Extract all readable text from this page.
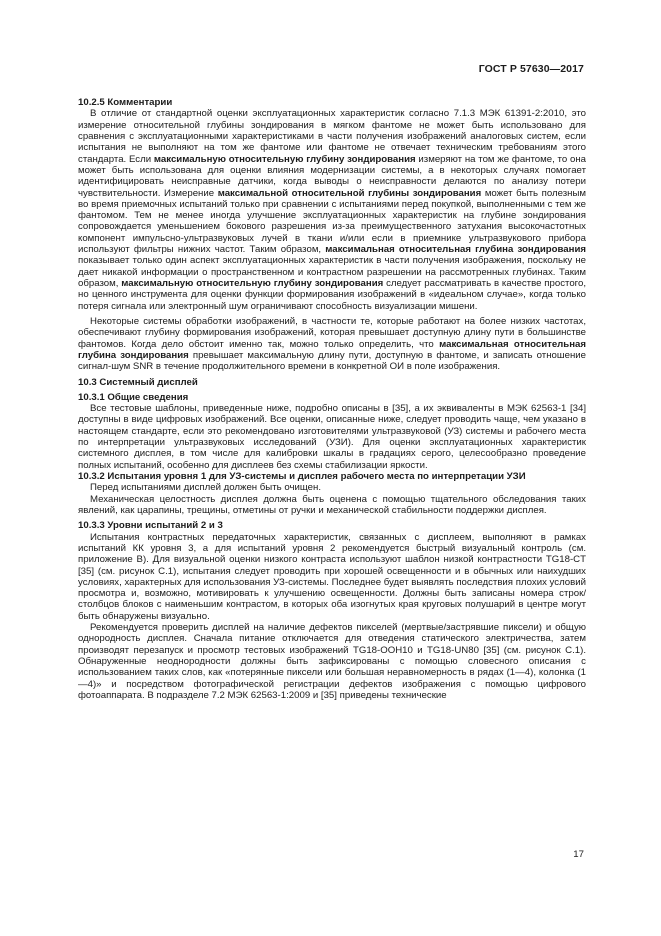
ГОСТ Р 57630—2017
10.2.5 Комментарии

В отличие от стандартной оценки эксплуатационных характеристик согласно 7.1.3 МЭК 61391-2:2010, это измерение относительной глубины зондирования в мягком фантоме не может быть использовано для сравнения с эксплуатационными характеристиками в части получения изображений аналоговых систем, если испытания не выполняют на том же фантоме или фантоме не отвечает техническим требованиям этого стандарта. Если максимальную относительную глубину зондирования измеряют на том же фантоме, то она может быть использована для оценки влияния модернизации системы, а в некоторых случаях помогает идентифицировать неисправные датчики, когда выводы о неисправности делаются по анализу потери чувствительности. Измерение максимальной относительной глубины зондирования может быть полезным во время приемочных испытаний только при сравнении с испытаниями перед покупкой, выполненными с тем же фантомом. Тем не менее иногда улучшение эксплуатационных характеристик на глубине зондирования сопровождается уменьшением бокового разрешения из-за преимущественного затухания высокочастотных компонент импульсно-ультразвуковых лучей в ткани и/или если в приемнике ультразвукового прибора используют фильтры нижних частот. Таким образом, максимальная относительная глубина зондирования показывает только один аспект эксплуатационных характеристик в части получения изображения, поскольку не дает никакой информации о пространственном и контрастном разрешении на рассмотренных глубинах. Таким образом, максимальную относительную глубину зондирования следует рассматривать в качестве простого, но ценного инструмента для оценки функции формирования изображений в «идеальном случае», когда только потеря сигнала или электронный шум ограничивают способность визуализации мишени.

Некоторые системы обработки изображений, в частности те, которые работают на более низких частотах, обеспечивают глубину формирования изображений, которая превышает доступную длину пути в большинстве фантомов. Когда дело обстоит именно так, можно только определить, что максимальная относительная глубина зондирования превышает максимальную длину пути, доступную в фантоме, и записать отношение сигнал-шум SNR в течение продолжительного времени в конкретной ОИ в поле изображения.

10.3 Системный дисплей
10.3.1 Общие сведения

Все тестовые шаблоны, приведенные ниже, подробно описаны в [35], а их эквиваленты в МЭК 62563-1 [34] доступны в виде цифровых изображений. Все оценки, описанные ниже, следует проводить чаще, чем указано в настоящем стандарте, если это рекомендовано изготовителями ультразвуковой (УЗ) системы и рабочего места по интерпретации ультразвуковых исследований (УЗИ). Для оценки эксплуатационных характеристик системного дисплея, в том числе для калибровки шкалы в градациях серого, целесообразно проведение полных испытаний, особенно для дисплеев без схемы стабилизации яркости.

10.3.2 Испытания уровня 1 для УЗ-системы и дисплея рабочего места по интерпретации УЗИ

Перед испытаниями дисплей должен быть очищен.

Механическая целостность дисплея должна быть оценена с помощью тщательного обследования таких явлений, как царапины, трещины, отметины от ручки и механической стабильности поддержки дисплея.

10.3.3 Уровни испытаний 2 и 3

Испытания контрастных передаточных характеристик, связанных с дисплеем, выполняют в рамках испытаний КК уровня 3, а для испытаний уровня 2 рекомендуется быстрый визуальный контроль (см. приложение В). Для визуальной оценки низкого контраста используют шаблон низкой контрастности TG18-CT [35] (см. рисунок С.1), испытания следует проводить при хорошей освещенности и в обычных или наихудших условиях, характерных для использования УЗ-системы. Последнее будет выявлять последствия плохих условий просмотра и, возможно, мотивировать к улучшению освещенности. Должны быть записаны номера строк/столбцов блоков с наименьшим контрастом, в которых оба изогнутых края круговых полушарий в центре могут быть обнаружены визуально.

Рекомендуется проверить дисплей на наличие дефектов пикселей (мертвые/застрявшие пиксели) и общую однородность дисплея. Сначала питание отключается для отведения статического электричества, затем производят перезапуск и просмотр тестовых изображений TG18-OOH10 и TG18-UN80 [35] (см. рисунок С.1). Обнаруженные неоднородности должны быть зафиксированы с помощью словесного описания с использованием таких слов, как «потерянные пиксели или большая неравномерность в рядах (1—4), колонка (1—4)» и посредством фотографической регистрации дефектов изображения с помощью цифрового фотоаппарата. В подразделе 7.2 МЭК 62563-1:2009 и [35] приведены технические

17
